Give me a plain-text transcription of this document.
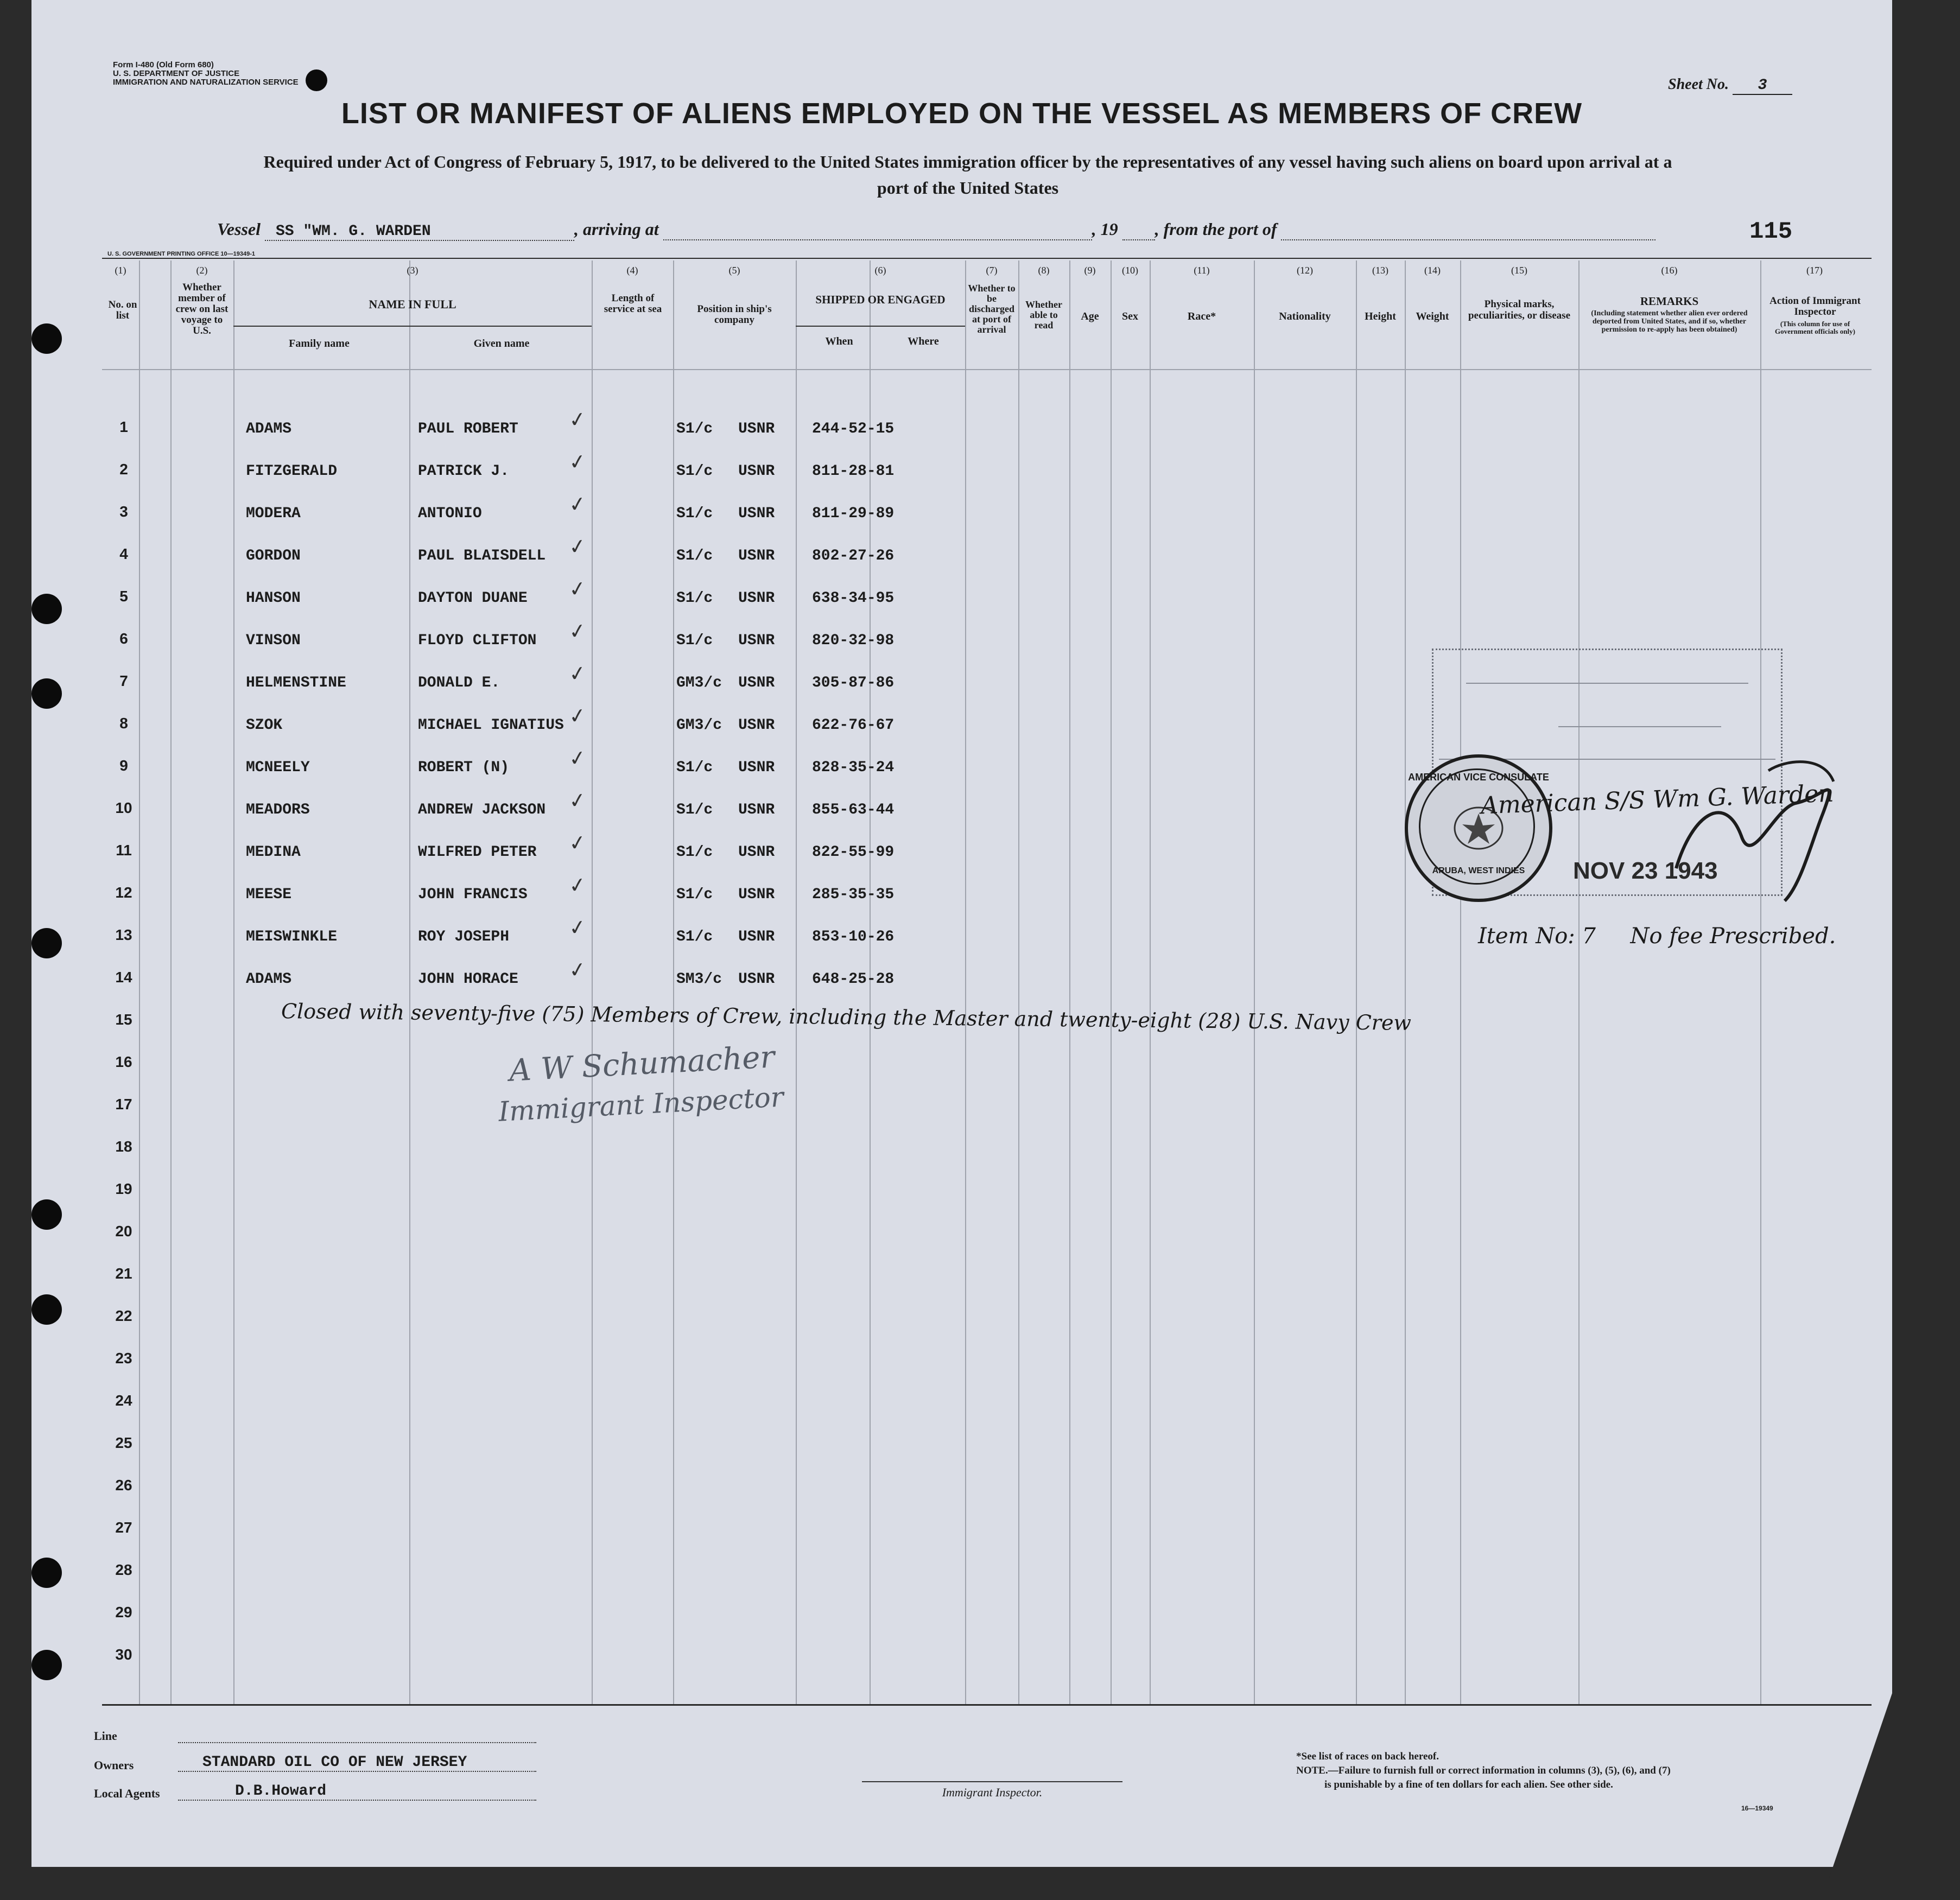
Form I-480 (Old Form 680)
U. S. DEPARTMENT OF JUSTICE
IMMIGRATION AND NATURALIZATION SERVICE	Sheet No. 3
LIST OR MANIFEST OF ALIENS EMPLOYED ON THE VESSEL AS MEMBERS OF CREW
Required under Act of Congress of February 5, 1917, to be delivered to the United States immigration officer by the representatives of any vessel having such aliens on board upon arrival at a
port of the United States
Vessel SS "WM. G. WARDEN	, arriving at	, 19 , from the port of	115
U. S. GOVERNMENT PRINTING OFFICE 10—19349-1
(1)	(2)	(3)	(4)	(5)	(6)	(7)	(8)	(9)	(10)	(11)	(12)	(13)	(14)	(15)	(16)	(17)
No. on list
Whether member of crew on last voyage to U.S.
NAME IN FULL
Family name	Given name
Length of service at sea	Position in ship's company
SHIPPED OR ENGAGED
When	Where
Whether to be discharged at port of arrival
Whether able to read
Age	Sex	Race*	Nationality	Height	Weight
Physical marks, peculiarities, or disease
REMARKS
(Including statement whether alien ever ordered deported from United States, and if so, whether permission to re-apply has been obtained)
Action of Immigrant Inspector
(This column for use of Government officials only)
1	ADAMS	PAUL ROBERT ✓	S1/c USNR 244-52-15
2	FITZGERALD	PATRICK J.	✓	S1/c USNR 811-28-81
3	MODERA	ANTONIO	✓	S1/c USNR 811-29-89
4	GORDON	PAUL BLAISDELL ✓	S1/c USNR 802-27-26
5	HANSON	DAYTON DUANE ✓	S1/c USNR 638-34-95
6	VINSON	FLOYD CLIFTON ✓	S1/c USNR 820-32-98
7	HELMENSTINE	DONALD E.	✓	GM3/c USNR 305-87-86
8	SZOK	MICHAEL IGNATIUS ✓	GM3/c USNR 622-76-67
9	MCNEELY	ROBERT (N)	✓	S1/c USNR 828-35-24
10	MEADORS	ANDREW JACKSON ✓	S1/c USNR 855-63-44
11	MEDINA	WILFRED PETER ✓	S1/c USNR 822-55-99
12	MEESE	JOHN FRANCIS ✓	S1/c USNR 285-35-35
13	MEISWINKLE	ROY JOSEPH	✓	S1/c USNR 853-10-26
14	ADAMS	JOHN HORACE ✓	SM3/c USNR 648-25-28
15
16
17
18
19
20
21
22
23
24
25
26
27
28
29
30
Closed with seventy-five (75) Members of Crew, including the Master and twenty-eight (28) U.S. Navy Crew
A W Schumacher
Immigrant Inspector
AMERICAN VICE CONSULATE
ARUBA, WEST INDIES
American S/S Wm G. Warden
NOV 23 1943
Item No: 7     No fee Prescribed.
Line
Owners	STANDARD OIL CO OF NEW JERSEY
Local Agents	D.B.Howard	Immigrant Inspector.
*See list of races on back hereof.
NOTE.—Failure to furnish full or correct information in columns (3), (5), (6), and (7)
is punishable by a fine of ten dollars for each alien. See other side.
16—19349
